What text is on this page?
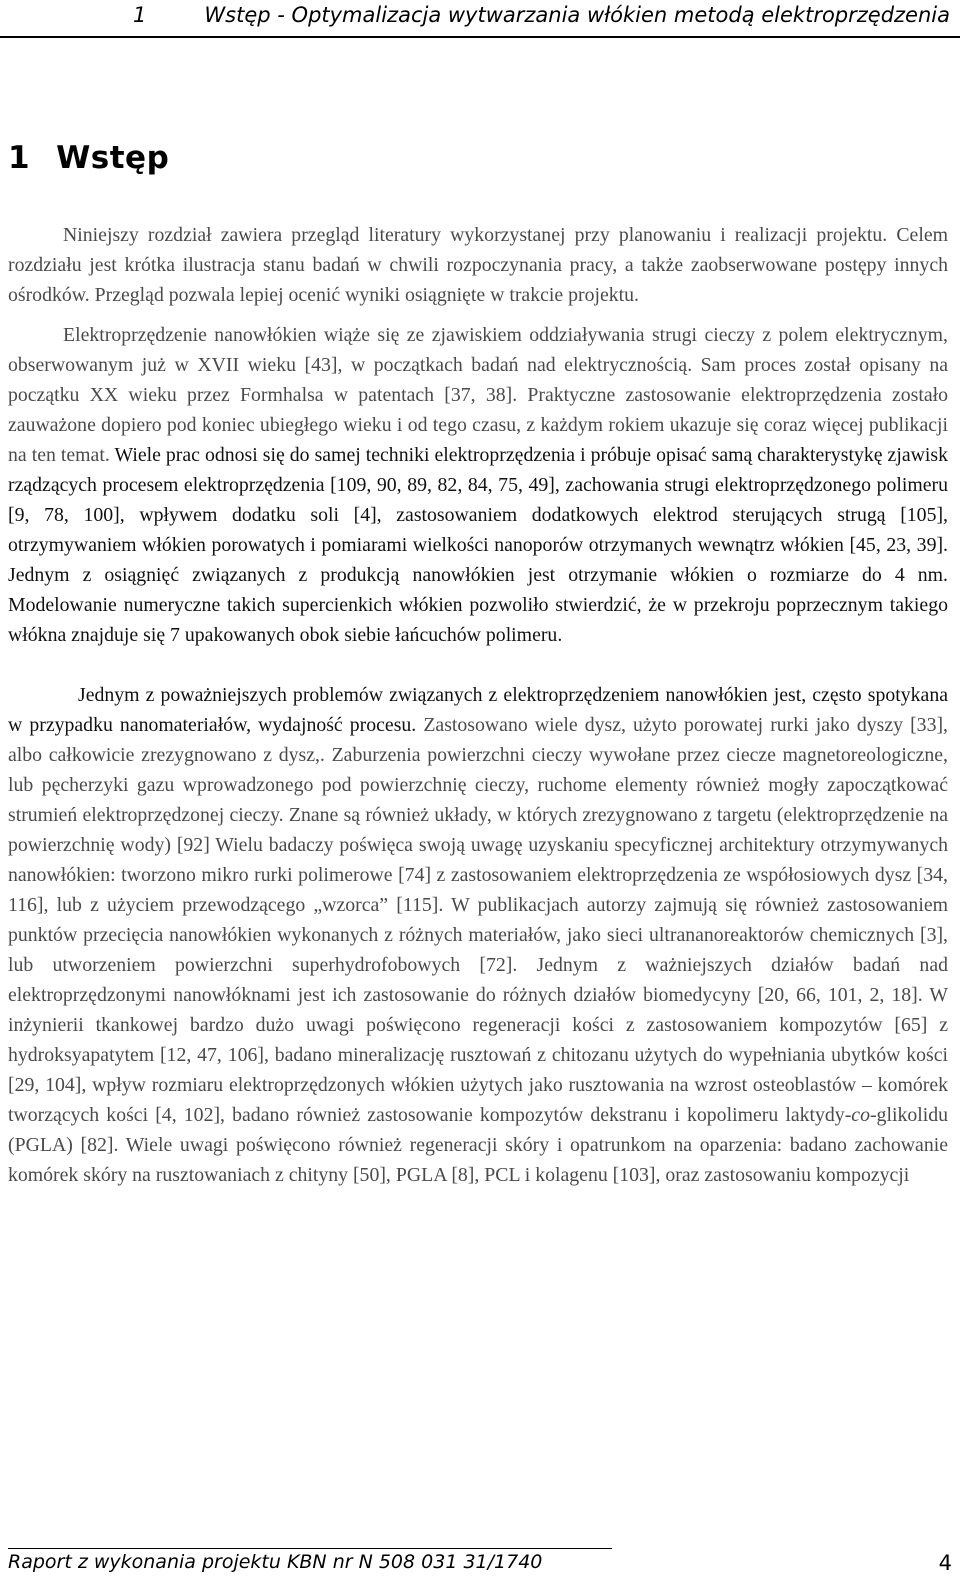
1	Wstęp - Optymalizacja wytwarzania włókien metodą elektroprzędzenia
1 Wstęp

Niniejszy rozdział zawiera przegląd literatury wykorzystanej przy planowaniu i realizacji projektu. Celem rozdziału jest krótka ilustracja stanu badań w chwili rozpoczynania pracy, a także zaobserwowane postępy innych ośrodków. Przegląd pozwala lepiej ocenić wyniki osiągnięte w trakcie projektu.

Elektroprzędzenie nanowłókien wiąże się ze zjawiskiem oddziaływania strugi cieczy z polem elektrycznym, obserwowanym już w XVII wieku [43], w początkach badań nad elektrycznością. Sam proces został opisany na początku XX wieku przez Formhalsa w patentach [37, 38]. Praktyczne zastosowanie elektroprzędzenia zostało zauważone dopiero pod koniec ubiegłego wieku i od tego czasu, z każdym rokiem ukazuje się coraz więcej publikacji na ten temat. Wiele prac odnosi się do samej techniki elektroprzędzenia i próbuje opisać samą charakterystykę zjawisk rządzących procesem elektroprzędzenia [109, 90, 89, 82, 84, 75, 49], zachowania strugi elektroprzędzonego polimeru [9, 78, 100], wpływem dodatku soli [4], zastosowaniem dodatkowych elektrod sterujących strugą [105], otrzymywaniem włókien porowatych i pomiarami wielkości nanoporów otrzymanych wewnątrz włókien [45, 23, 39]. Jednym z osiągnięć związanych z produkcją nanowłókien jest otrzymanie włókien o rozmiarze do 4 nm. Modelowanie numeryczne takich supercienkich włókien pozwoliło stwierdzić, że w przekroju poprzecznym takiego włókna znajduje się 7 upakowanych obok siebie łańcuchów polimeru.

Jednym z poważniejszych problemów związanych z elektroprzędzeniem nanowłókien jest, często spotykana w przypadku nanomateriałów, wydajność procesu. Zastosowano wiele dysz, użyto porowatej rurki jako dyszy [33], albo całkowicie zrezygnowano z dysz,. Zaburzenia powierzchni cieczy wywołane przez ciecze magnetoreologiczne, lub pęcherzyki gazu wprowadzonego pod powierzchnię cieczy, ruchome elementy również mogły zapoczątkować strumień elektroprzędzonej cieczy. Znane są również układy, w których zrezygnowano z targetu (elektroprzędzenie na powierzchnię wody) [92] Wielu badaczy poświęca swoją uwagę uzyskaniu specyficznej architektury otrzymywanych nanowłókien: tworzono mikro rurki polimerowe [74] z zastosowaniem elektroprzędzenia ze współosiowych dysz [34, 116], lub z użyciem przewodzącego „wzorca” [115]. W publikacjach autorzy zajmują się również zastosowaniem punktów przecięcia nanowłókien wykonanych z różnych materiałów, jako sieci ultrananoreaktorów chemicznych [3], lub utworzeniem powierzchni superhydrofobowych [72]. Jednym z ważniejszych działów badań nad elektroprzędzonymi nanowłóknami jest ich zastosowanie do różnych działów biomedycyny [20, 66, 101, 2, 18]. W inżynierii tkankowej bardzo dużo uwagi poświęcono regeneracji kości z zastosowaniem kompozytów [65] z hydroksyapatytem [12, 47, 106], badano mineralizację rusztowań z chitozanu użytych do wypełniania ubytków kości [29, 104], wpływ rozmiaru elektroprzędzonych włókien użytych jako rusztowania na wzrost osteoblastów – komórek tworzących kości [4, 102], badano również zastosowanie kompozytów dekstranu i kopolimeru laktydy-co-glikolidu (PGLA) [82]. Wiele uwagi poświęcono również regeneracji skóry i opatrunkom na oparzenia: badano zachowanie komórek skóry na rusztowaniach z chityny [50], PGLA [8], PCL i kolagenu [103], oraz zastosowaniu kompozycji

Raport z wykonania projektu KBN nr N 508 031 31/1740	4
